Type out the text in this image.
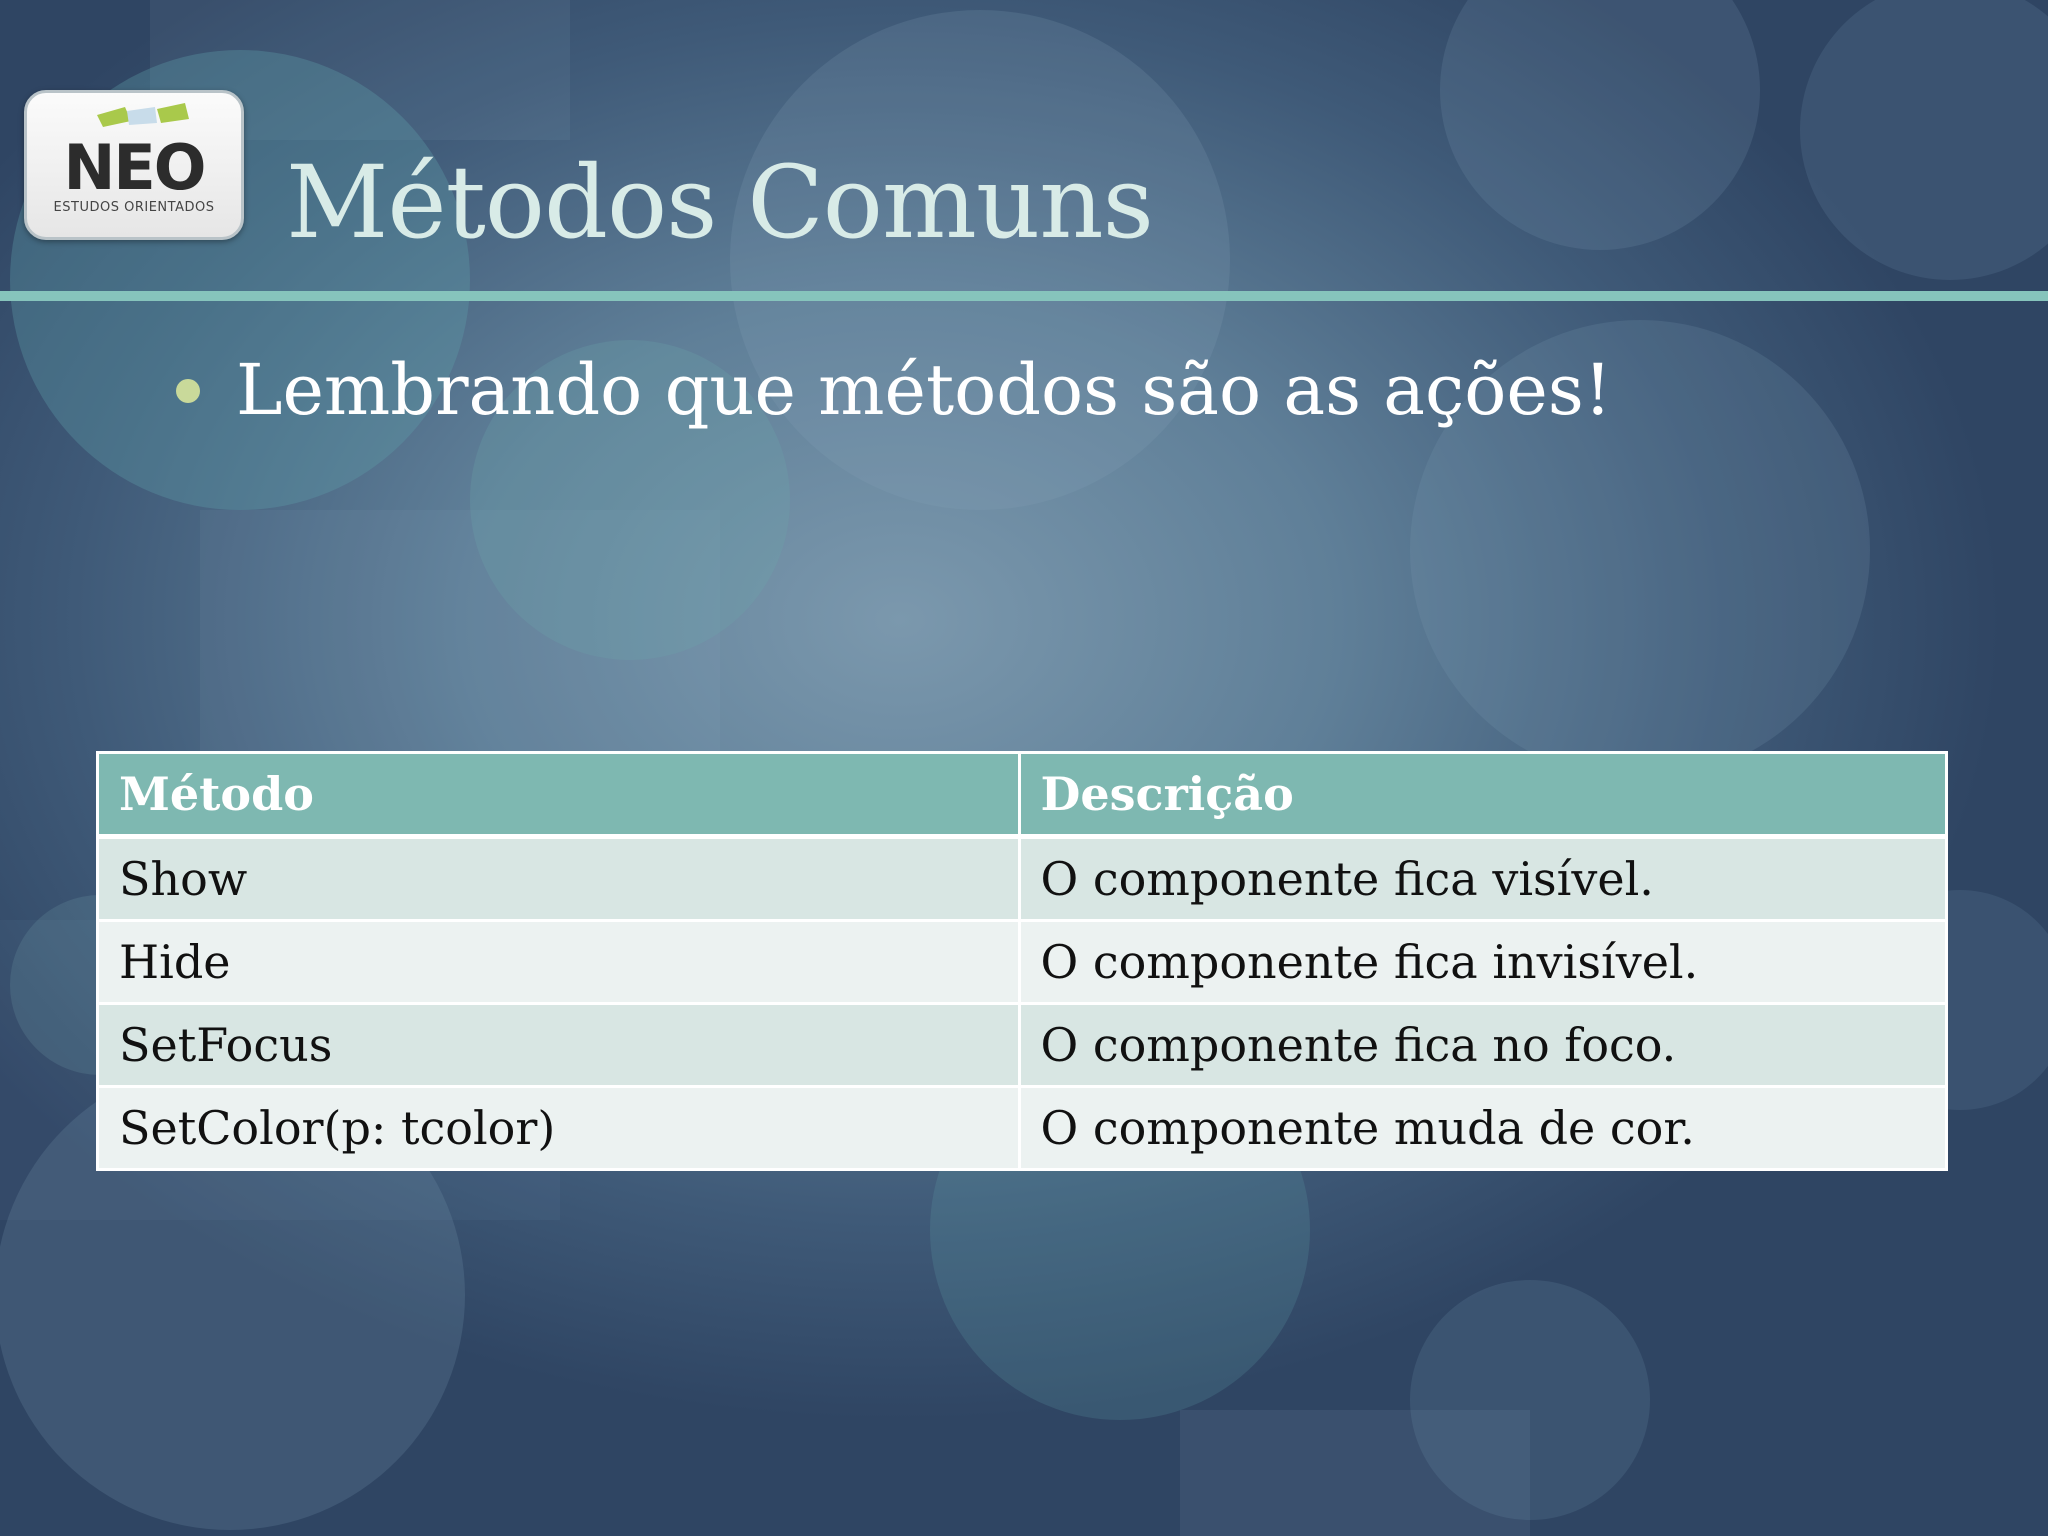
NEO
ESTUDOS ORIENTADOS Métodos Comuns
Lembrando que métodos são as ações!
Método	Descrição
Show	O componente fica visível.
Hide	O componente fica invisível.
SetFocus	O componente fica no foco.
SetColor(p: tcolor)	O componente muda de cor.
